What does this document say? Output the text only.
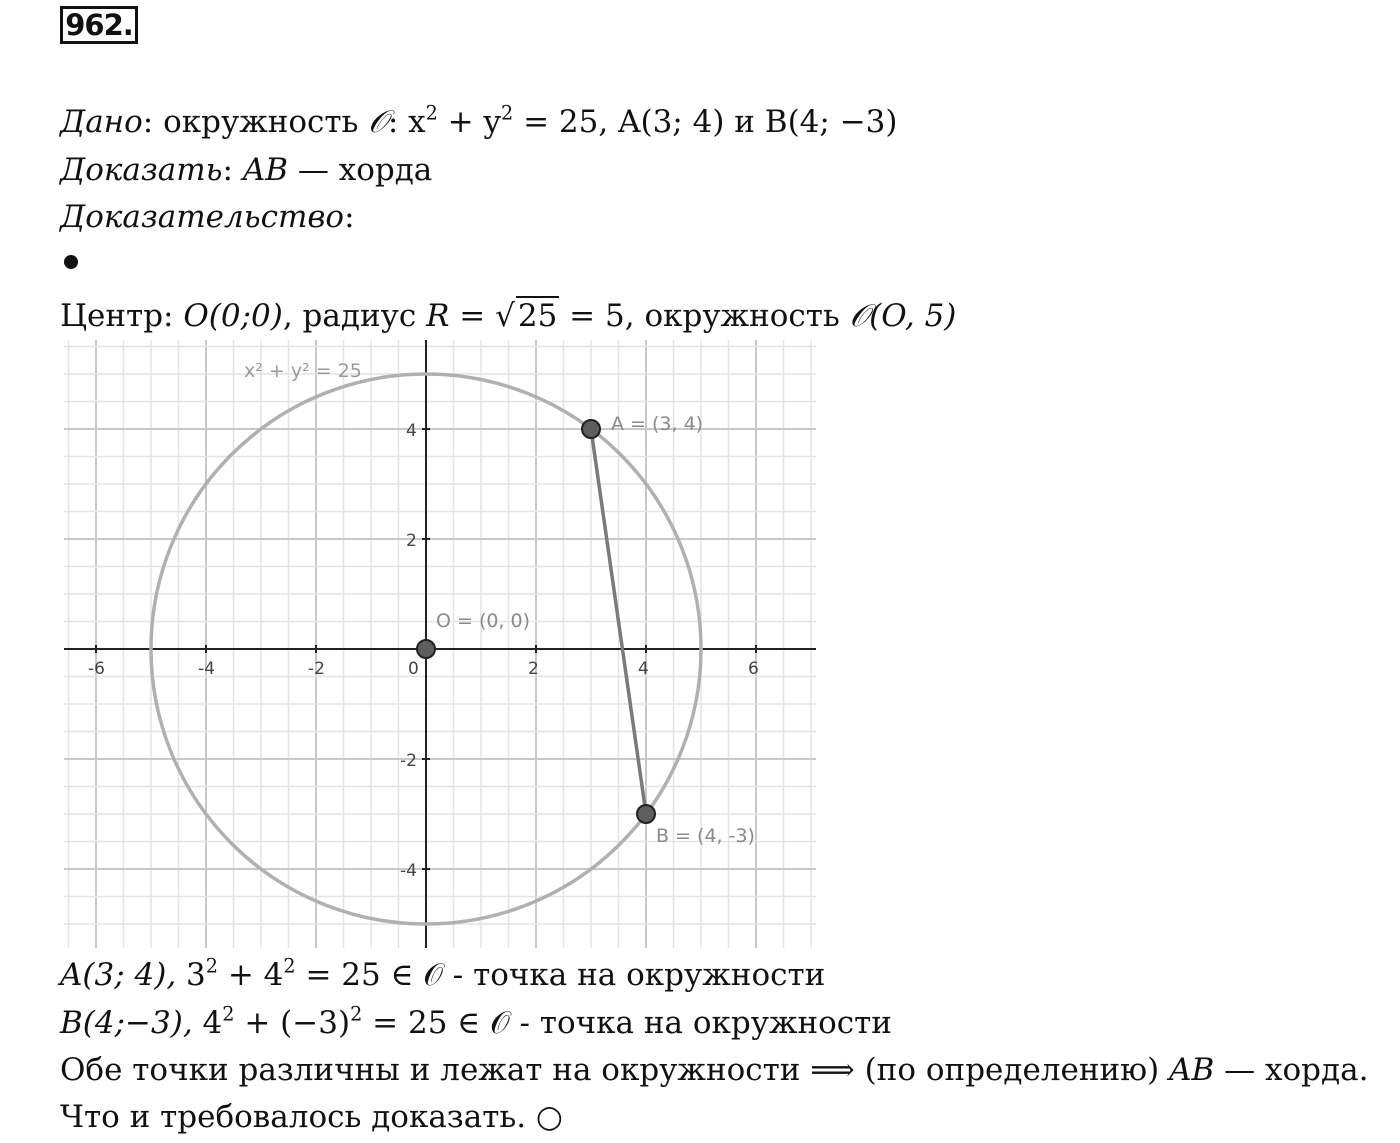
962.
Дано: окружность 𝒪: $x^2 + y^2 = 25$, A(3; 4) и B(4; −3)
Доказать: AB — хорда
Доказательство:
Центр: O(0;0), радиус R = √25 = 5, окружность 𝒪(O, 5)
-6	-4	-2	0	2	4	6
4
2
-2
-4
x² + y² = 25
A = (3, 4)
B = (4, -3)
O = (0, 0)
A(3; 4), $3^2 + 4^2 = 25$ ∈ 𝒪 - точка на окружности
B(4;−3), $4^2 + (-3)^2 = 25$ ∈ 𝒪 - точка на окружности
Обе точки различны и лежат на окружности ⟹ (по определению) AB — хорда.
Что и требовалось доказать. ○
